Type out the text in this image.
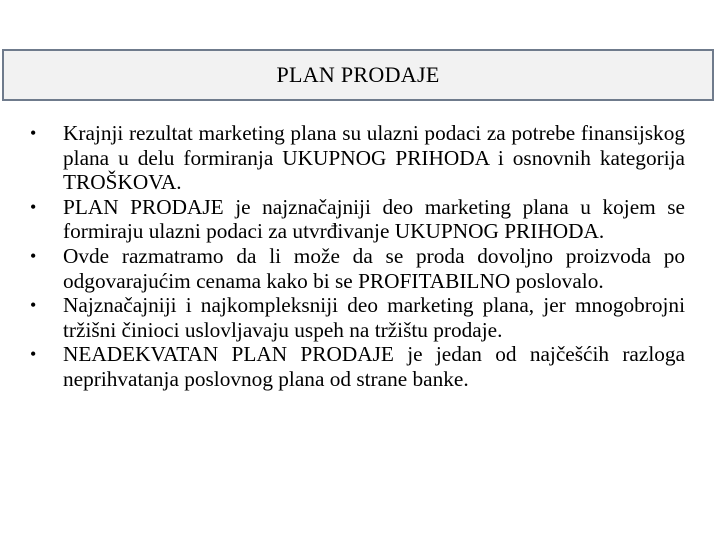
PLAN PRODAJE
•	Krajnji rezultat marketing plana su ulazni podaci za potrebe finansijskog plana u delu formiranja UKUPNOG PRIHODA i osnovnih kategorija TROŠKOVA.
•	PLAN PRODAJE je najznačajniji deo marketing plana u kojem se formiraju ulazni podaci za utvrđivanje UKUPNOG PRIHODA.
•	Ovde razmatramo da li može da se proda dovoljno proizvoda po odgovarajućim cenama kako bi se PROFITABILNO poslovalo.
•	Najznačajniji i najkompleksniji deo marketing plana, jer mnogobrojni tržišni činioci uslovljavaju uspeh na tržištu prodaje.
•	NEADEKVATAN PLAN PRODAJE je jedan od najčešćih razloga neprihvatanja poslovnog plana od strane banke.
